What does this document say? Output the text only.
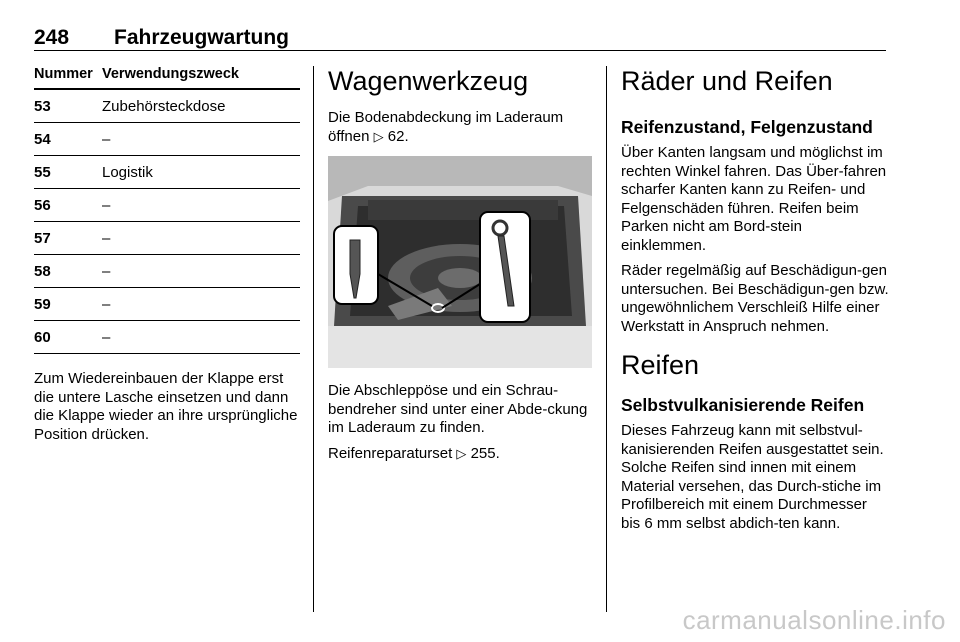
248 Fahrzeugwartung
Nummer	Verwendungszweck
53	Zubehörsteckdose
54	–
55	Logistik
56	–
57	–
58	–
59	–
60	–

Zum Wiedereinbauen der Klappe erst die untere Lasche einsetzen und dann die Klappe wieder an ihre ursprüngliche Position drücken.

Wagenwerkzeug

Die Bodenabdeckung im Laderaum öffnen ▷ 62.

Die Abschleppöse und ein Schrau-bendreher sind unter einer Abde-ckung im Laderaum zu finden.

Reifenreparaturset ▷ 255.

Räder und Reifen
Reifenzustand, Felgenzustand

Über Kanten langsam und möglichst im rechten Winkel fahren. Das Über-fahren scharfer Kanten kann zu Reifen- und Felgenschäden führen. Reifen beim Parken nicht am Bord-stein einklemmen.

Räder regelmäßig auf Beschädigun-gen untersuchen. Bei Beschädigun-gen bzw. ungewöhnlichem Verschleiß Hilfe einer Werkstatt in Anspruch nehmen.

Reifen
Selbstvulkanisierende Reifen

Dieses Fahrzeug kann mit selbstvul-kanisierenden Reifen ausgestattet sein. Solche Reifen sind innen mit einem Material versehen, das Durch-stiche im Profilbereich mit einem Durchmesser bis 6 mm selbst abdich-ten kann.

carmanualsonline.info
